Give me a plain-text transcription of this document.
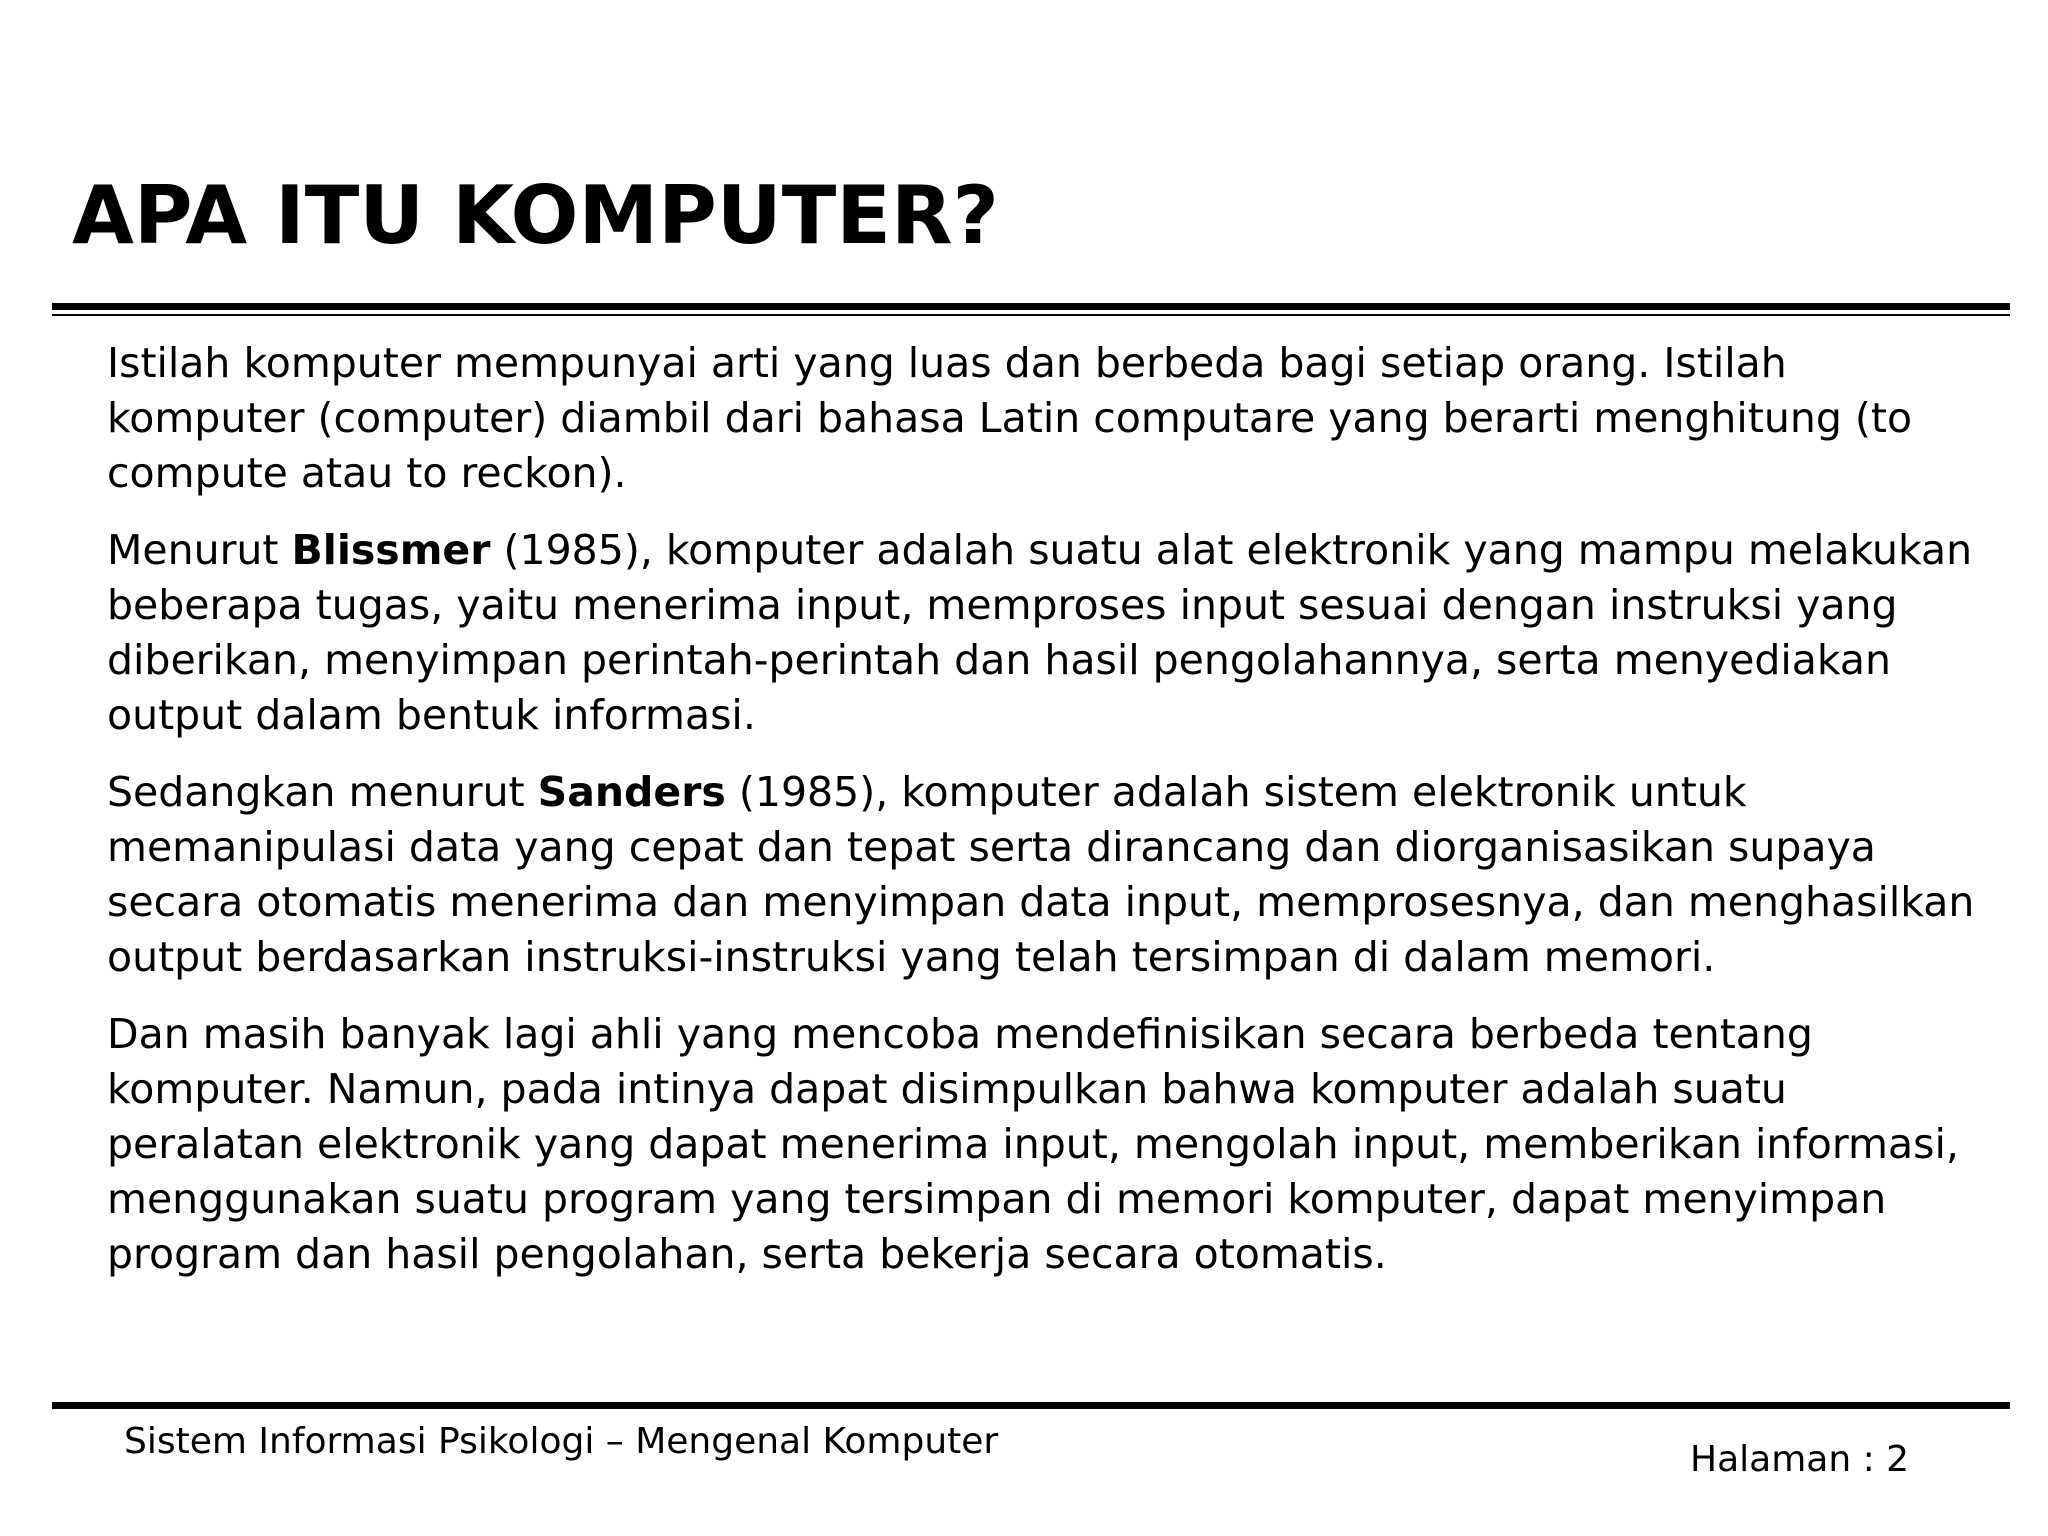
APA ITU KOMPUTER?

Istilah komputer mempunyai arti yang luas dan berbeda bagi setiap orang. Istilah
komputer (computer) diambil dari bahasa Latin computare yang berarti menghitung (to
compute atau to reckon).

Menurut Blissmer (1985), komputer adalah suatu alat elektronik yang mampu melakukan
beberapa tugas, yaitu menerima input, memproses input sesuai dengan instruksi yang
diberikan, menyimpan perintah-perintah dan hasil pengolahannya, serta menyediakan
output dalam bentuk informasi.

Sedangkan menurut Sanders (1985), komputer adalah sistem elektronik untuk
memanipulasi data yang cepat dan tepat serta dirancang dan diorganisasikan supaya
secara otomatis menerima dan menyimpan data input, memprosesnya, dan menghasilkan
output berdasarkan instruksi-instruksi yang telah tersimpan di dalam memori.

Dan masih banyak lagi ahli yang mencoba mendefinisikan secara berbeda tentang
komputer. Namun, pada intinya dapat disimpulkan bahwa komputer adalah suatu
peralatan elektronik yang dapat menerima input, mengolah input, memberikan informasi,
menggunakan suatu program yang tersimpan di memori komputer, dapat menyimpan
program dan hasil pengolahan, serta bekerja secara otomatis.

Sistem Informasi Psikologi – Mengenal Komputer	Halaman : 2
